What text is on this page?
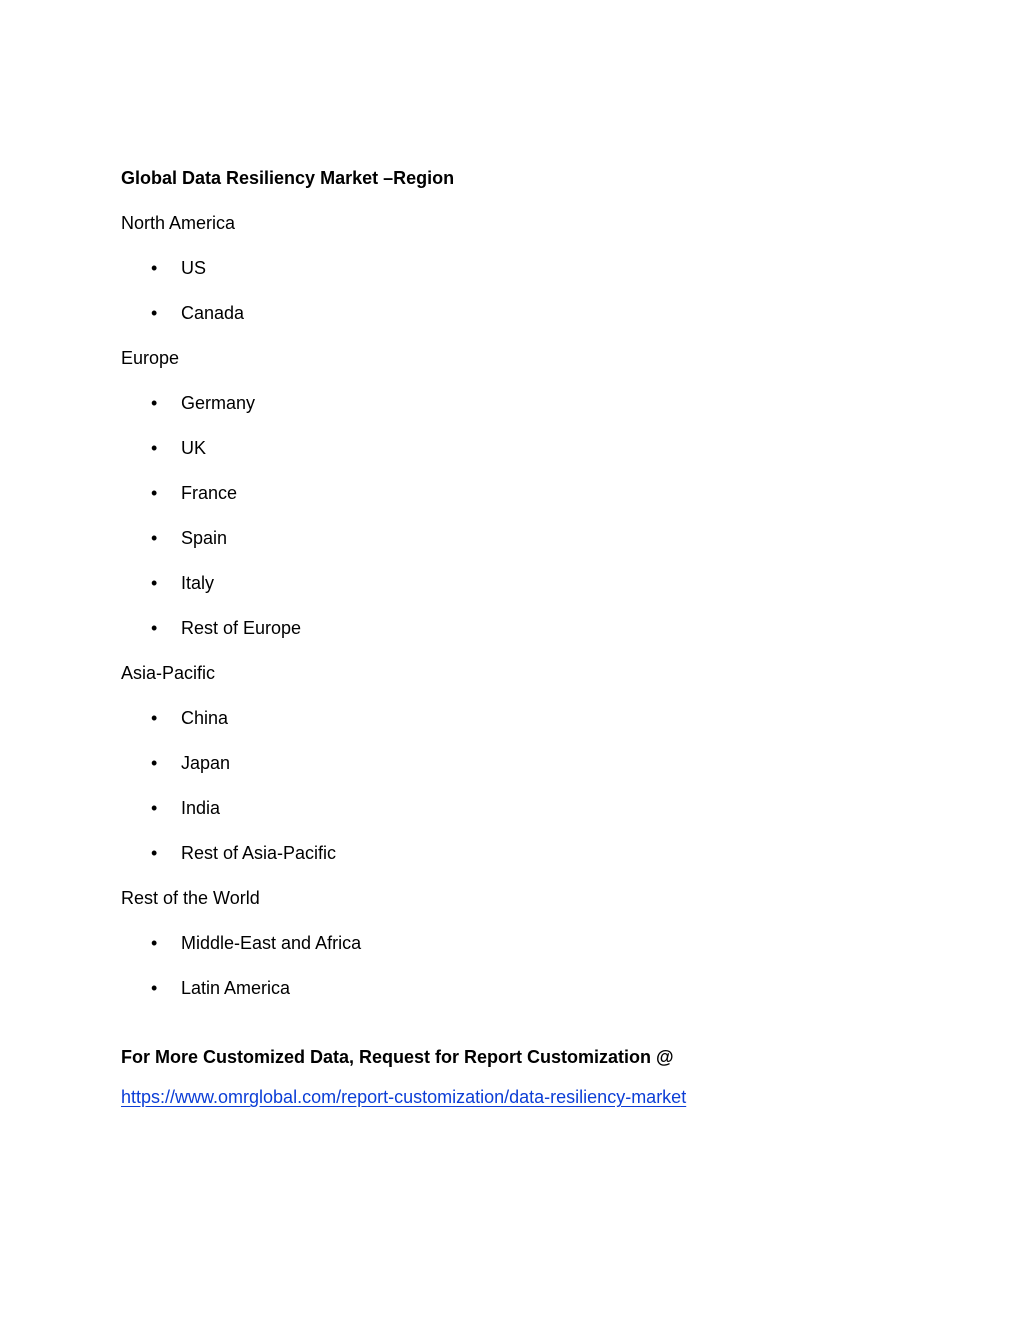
Global Data Resiliency Market –Region
North America
• US
• Canada
Europe
• Germany
• UK
• France
• Spain
• Italy
• Rest of Europe
Asia-Pacific
• China
• Japan
• India
• Rest of Asia-Pacific
Rest of the World
• Middle-East and Africa
• Latin America
For More Customized Data, Request for Report Customization @
https://www.omrglobal.com/report-customization/data-resiliency-market
